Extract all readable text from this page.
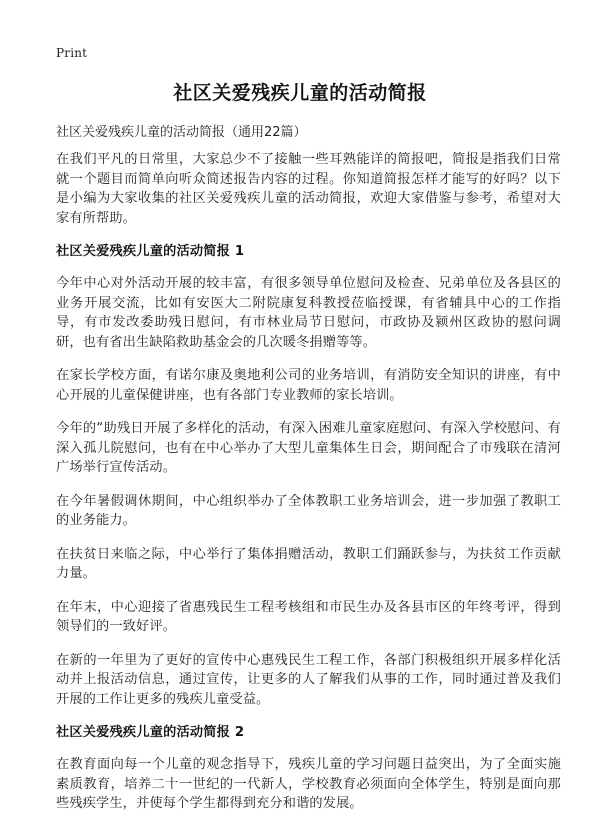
Print
社区关爱残疾儿童的活动简报
社区关爱残疾儿童的活动简报（通用22篇）

在我们平凡的日常里，大家总少不了接触一些耳熟能详的简报吧，简报是指我们日常就一个题目而简单向听众简述报告内容的过程。你知道简报怎样才能写的好吗？以下是小编为大家收集的社区关爱残疾儿童的活动简报，欢迎大家借鉴与参考，希望对大家有所帮助。

社区关爱残疾儿童的活动简报 1

今年中心对外活动开展的较丰富，有很多领导单位慰问及检查、兄弟单位及各县区的业务开展交流，比如有安医大二附院康复科教授莅临授课，有省辅具中心的工作指导，有市发改委助残日慰问，有市林业局节日慰问，市政协及颍州区政协的慰问调研，也有省出生缺陷救助基金会的几次暖冬捐赠等等。

在家长学校方面，有诺尔康及奥地利公司的业务培训，有消防安全知识的讲座，有中心开展的儿童保健讲座，也有各部门专业教师的家长培训。

今年的“助残日开展了多样化的活动，有深入困难儿童家庭慰问、有深入学校慰问、有深入孤儿院慰问，也有在中心举办了大型儿童集体生日会，期间配合了市残联在清河广场举行宣传活动。

在今年暑假调休期间，中心组织举办了全体教职工业务培训会，进一步加强了教职工的业务能力。

在扶贫日来临之际，中心举行了集体捐赠活动，教职工们踊跃参与，为扶贫工作贡献力量。

在年末，中心迎接了省惠残民生工程考核组和市民生办及各县市区的年终考评，得到领导们的一致好评。

在新的一年里为了更好的宣传中心惠残民生工程工作，各部门积极组织开展多样化活动并上报活动信息，通过宣传，让更多的人了解我们从事的工作，同时通过普及我们开展的工作让更多的残疾儿童受益。

社区关爱残疾儿童的活动简报 2

在教育面向每一个儿童的观念指导下，残疾儿童的学习问题日益突出，为了全面实施素质教育，培养二十一世纪的一代新人，学校教育必须面向全体学生，特别是面向那些残疾学生，并使每个学生都得到充分和谐的发展。
